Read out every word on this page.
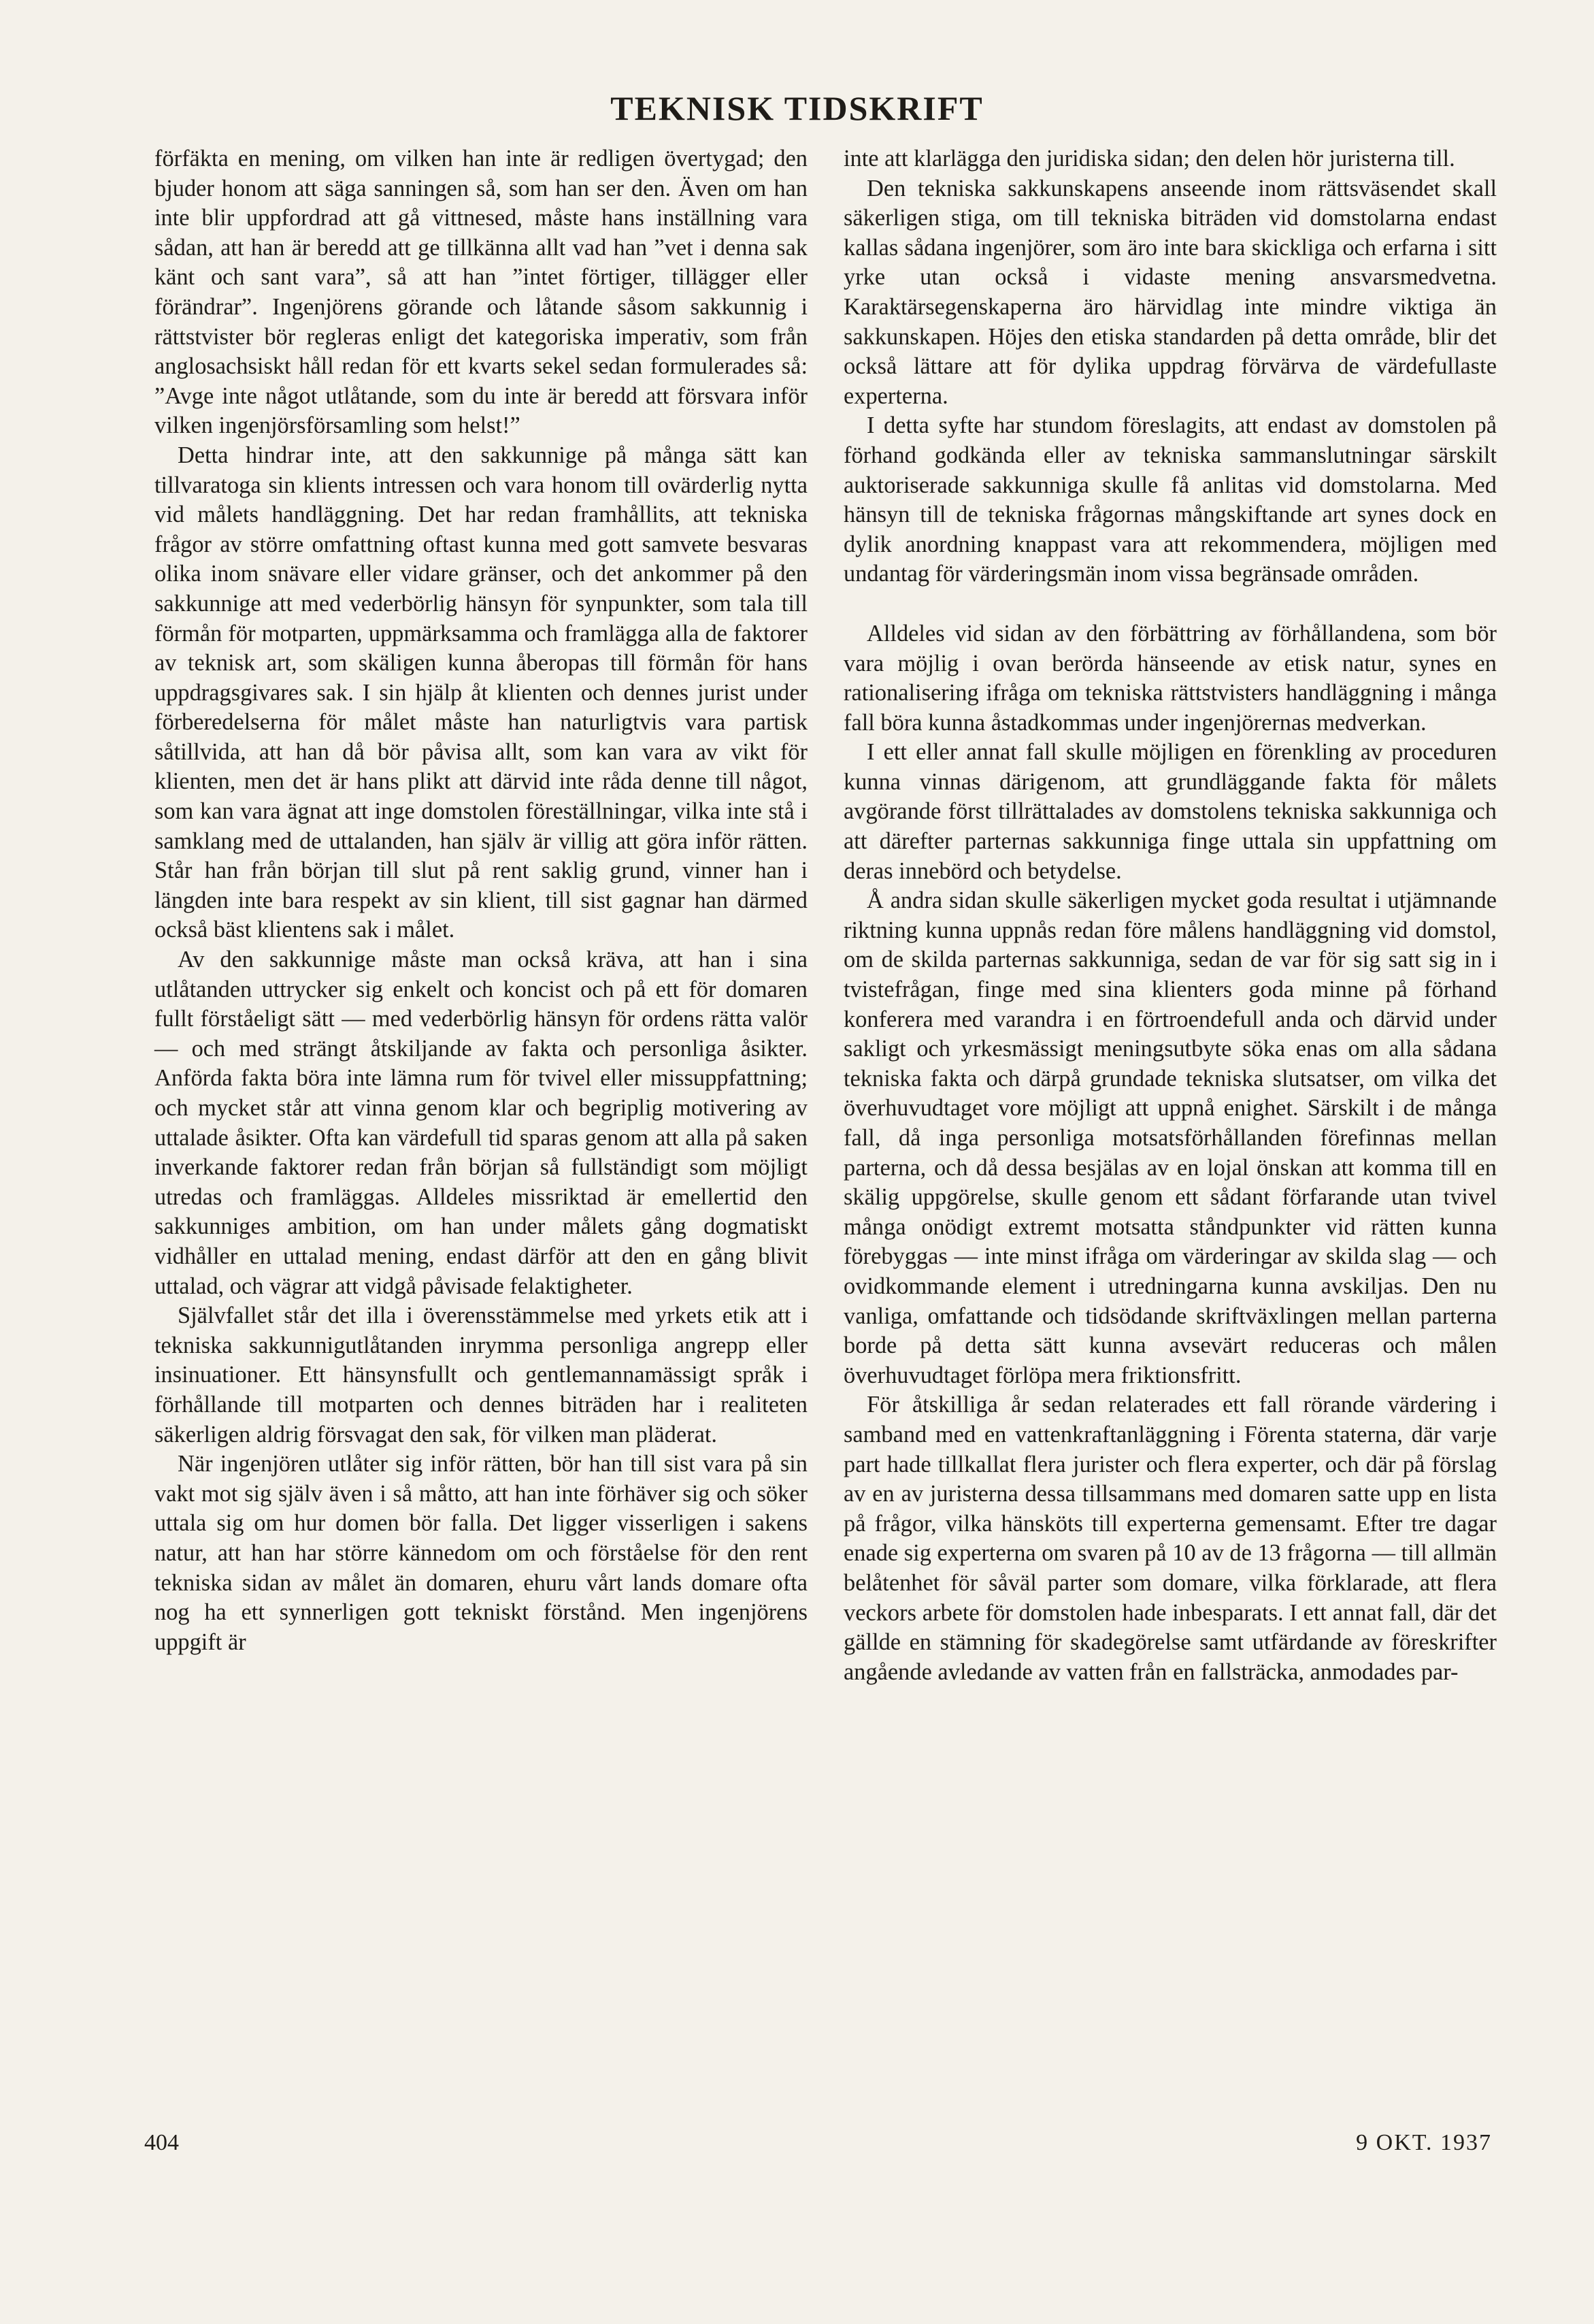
TEKNISK TIDSKRIFT

förfäkta en mening, om vilken han inte är redligen övertygad; den bjuder honom att säga sanningen så, som han ser den. Även om han inte blir uppfordrad att gå vittnesed, måste hans inställning vara sådan, att han är beredd att ge tillkänna allt vad han ”vet i denna sak känt och sant vara”, så att han ”intet förtiger, tillägger eller förändrar”. Ingenjörens görande och låtande såsom sakkunnig i rättstvister bör regleras enligt det kategoriska imperativ, som från anglosachsiskt håll redan för ett kvarts sekel sedan formulerades så: ”Avge inte något utlåtande, som du inte är beredd att försvara inför vilken ingenjörsförsamling som helst!”

Detta hindrar inte, att den sakkunnige på många sätt kan tillvaratoga sin klients intressen och vara honom till ovärderlig nytta vid målets handläggning. Det har redan framhållits, att tekniska frågor av större omfattning oftast kunna med gott samvete besvaras olika inom snävare eller vidare gränser, och det ankommer på den sakkunnige att med vederbörlig hänsyn för synpunkter, som tala till förmån för motparten, uppmärksamma och framlägga alla de faktorer av teknisk art, som skäligen kunna åberopas till förmån för hans uppdragsgivares sak. I sin hjälp åt klienten och dennes jurist under förberedelserna för målet måste han naturligtvis vara partisk såtillvida, att han då bör påvisa allt, som kan vara av vikt för klienten, men det är hans plikt att därvid inte råda denne till något, som kan vara ägnat att inge domstolen föreställningar, vilka inte stå i samklang med de uttalanden, han själv är villig att göra inför rätten. Står han från början till slut på rent saklig grund, vinner han i längden inte bara respekt av sin klient, till sist gagnar han därmed också bäst klientens sak i målet.

Av den sakkunnige måste man också kräva, att han i sina utlåtanden uttrycker sig enkelt och koncist och på ett för domaren fullt förståeligt sätt — med vederbörlig hänsyn för ordens rätta valör — och med strängt åtskiljande av fakta och personliga åsikter. Anförda fakta böra inte lämna rum för tvivel eller missuppfattning; och mycket står att vinna genom klar och begriplig motivering av uttalade åsikter. Ofta kan värdefull tid sparas genom att alla på saken inverkande faktorer redan från början så fullständigt som möjligt utredas och framläggas. Alldeles missriktad är emellertid den sakkunniges ambition, om han under målets gång dogmatiskt vidhåller en uttalad mening, endast därför att den en gång blivit uttalad, och vägrar att vidgå påvisade felaktigheter.

Självfallet står det illa i överensstämmelse med yrkets etik att i tekniska sakkunnigutlåtanden inrymma personliga angrepp eller insinuationer. Ett hänsynsfullt och gentlemannamässigt språk i förhållande till motparten och dennes biträden har i realiteten säkerligen aldrig försvagat den sak, för vilken man pläderat.

När ingenjören utlåter sig inför rätten, bör han till sist vara på sin vakt mot sig själv även i så måtto, att han inte förhäver sig och söker uttala sig om hur domen bör falla. Det ligger visserligen i sakens natur, att han har större kännedom om och förståelse för den rent tekniska sidan av målet än domaren, ehuru vårt lands domare ofta nog ha ett synnerligen gott tekniskt förstånd. Men ingenjörens uppgift är

inte att klarlägga den juridiska sidan; den delen hör juristerna till.

Den tekniska sakkunskapens anseende inom rättsväsendet skall säkerligen stiga, om till tekniska biträden vid domstolarna endast kallas sådana ingenjörer, som äro inte bara skickliga och erfarna i sitt yrke utan också i vidaste mening ansvarsmedvetna. Karaktärsegenskaperna äro härvidlag inte mindre viktiga än sakkunskapen. Höjes den etiska standarden på detta område, blir det också lättare att för dylika uppdrag förvärva de värdefullaste experterna.

I detta syfte har stundom föreslagits, att endast av domstolen på förhand godkända eller av tekniska sammanslutningar särskilt auktoriserade sakkunniga skulle få anlitas vid domstolarna. Med hänsyn till de tekniska frågornas mångskiftande art synes dock en dylik anordning knappast vara att rekommendera, möjligen med undantag för värderingsmän inom vissa begränsade områden.

Alldeles vid sidan av den förbättring av förhållandena, som bör vara möjlig i ovan berörda hänseende av etisk natur, synes en rationalisering ifråga om tekniska rättstvisters handläggning i många fall böra kunna åstadkommas under ingenjörernas medverkan.

I ett eller annat fall skulle möjligen en förenkling av proceduren kunna vinnas därigenom, att grundläggande fakta för målets avgörande först tillrättalades av domstolens tekniska sakkunniga och att därefter parternas sakkunniga finge uttala sin uppfattning om deras innebörd och betydelse.

Å andra sidan skulle säkerligen mycket goda resultat i utjämnande riktning kunna uppnås redan före målens handläggning vid domstol, om de skilda parternas sakkunniga, sedan de var för sig satt sig in i tvistefrågan, finge med sina klienters goda minne på förhand konferera med varandra i en förtroendefull anda och därvid under sakligt och yrkesmässigt meningsutbyte söka enas om alla sådana tekniska fakta och därpå grundade tekniska slutsatser, om vilka det överhuvudtaget vore möjligt att uppnå enighet. Särskilt i de många fall, då inga personliga motsatsförhållanden förefinnas mellan parterna, och då dessa besjälas av en lojal önskan att komma till en skälig uppgörelse, skulle genom ett sådant förfarande utan tvivel många onödigt extremt motsatta ståndpunkter vid rätten kunna förebyggas — inte minst ifråga om värderingar av skilda slag — och ovidkommande element i utredningarna kunna avskiljas. Den nu vanliga, omfattande och tidsödande skriftväxlingen mellan parterna borde på detta sätt kunna avsevärt reduceras och målen överhuvudtaget förlöpa mera friktionsfritt.

För åtskilliga år sedan relaterades ett fall rörande värdering i samband med en vattenkraftanläggning i Förenta staterna, där varje part hade tillkallat flera jurister och flera experter, och där på förslag av en av juristerna dessa tillsammans med domaren satte upp en lista på frågor, vilka hänsköts till experterna gemensamt. Efter tre dagar enade sig experterna om svaren på 10 av de 13 frågorna — till allmän belåtenhet för såväl parter som domare, vilka förklarade, att flera veckors arbete för domstolen hade inbesparats. I ett annat fall, där det gällde en stämning för skadegörelse samt utfärdande av föreskrifter angående avledande av vatten från en fallsträcka, anmodades par-

404	9 OKT. 1937
